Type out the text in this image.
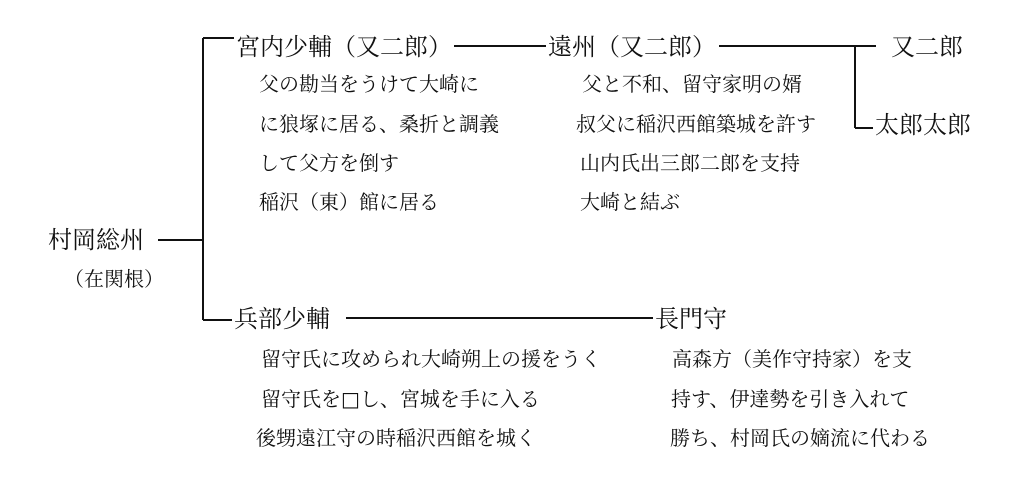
村岡総州
（在関根）
宮内少輔（又二郎）	遠州（又二郎）	又二郎
太郎太郎
兵部少輔	長門守
父の勘当をうけて大崎に
に狼塚に居る、桑折と調義
して父方を倒す
稲沢（東）館に居る
父と不和、留守家明の婿
叔父に稲沢西館築城を許す
山内氏出三郎二郎を支持
大崎と結ぶ
留守氏に攻められ大崎朔上の援をうく
留守氏を□し、宮城を手に入る
後甥遠江守の時稲沢西館を城く
高森方（美作守持家）を支
持す、伊達勢を引き入れて
勝ち、村岡氏の嫡流に代わる
